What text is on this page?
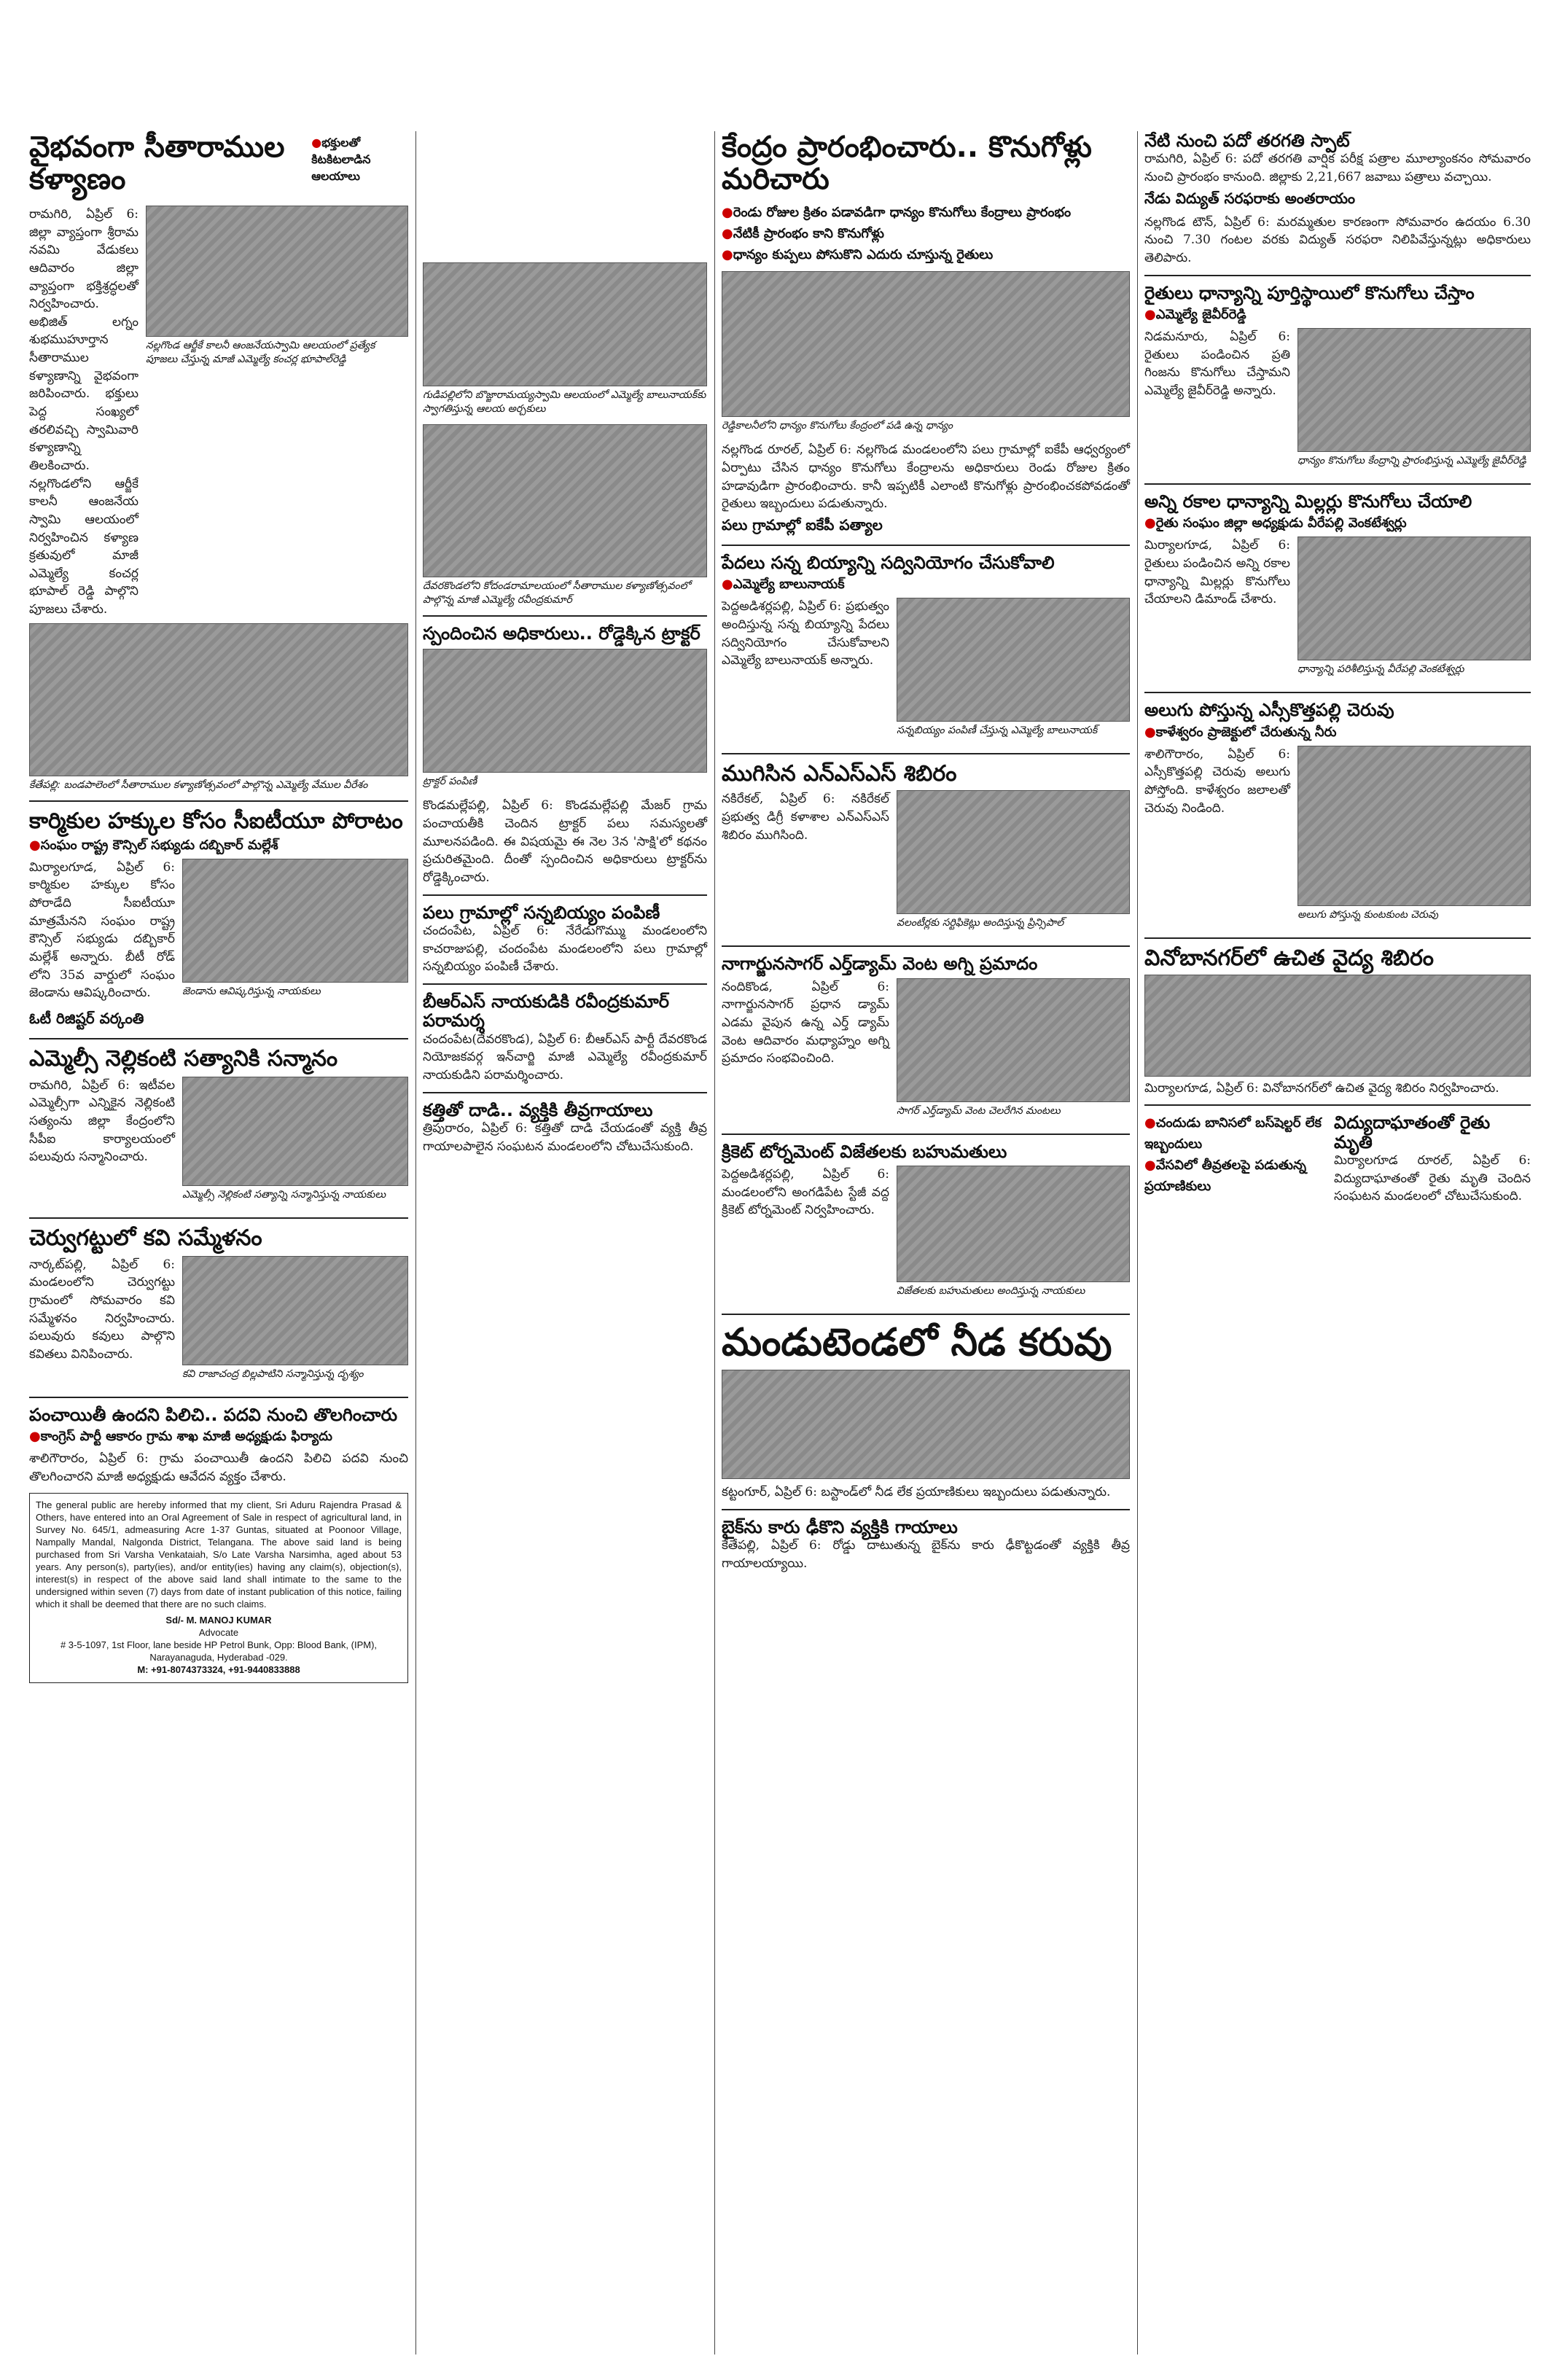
వైభవంగా సీతారాముల కళ్యాణం
● భక్తులతో కిటకిటలాడిన ఆలయాలు
రామగిరి, ఏప్రిల్ 6: జిల్లా వ్యాప్తంగా శ్రీరామ నవమి వేడుకలు ఆదివారం జిల్లా వ్యాప్తంగా భక్తిశ్రద్ధలతో నిర్వహించారు. అభిజిత్ లగ్నం శుభముహూర్తాన సీతారాముల కళ్యాణాన్ని వైభవంగా జరిపించారు. భక్తులు పెద్ద సంఖ్యలో తరలివచ్చి స్వామివారి కళ్యాణాన్ని తిలకించారు. నల్లగొండలోని ఆర్జీకే కాలనీ ఆంజనేయ స్వామి ఆలయంలో నిర్వహించిన కళ్యాణ క్రతువులో మాజీ ఎమ్మెల్యే కంచర్ల భూపాల్ రెడ్డి పాల్గొని పూజలు చేశారు.
నల్లగొండ ఆర్జీకే కాలనీ ఆంజనేయస్వామి ఆలయంలో ప్రత్యేక పూజలు చేస్తున్న మాజీ ఎమ్మెల్యే కంచర్ల భూపాల్‌రెడ్డి
కేతేపల్లి: బండపాలెంలో సీతారాముల కళ్యాణోత్సవంలో పాల్గొన్న ఎమ్మెల్యే వేముల వీరేశం
కార్మికుల హక్కుల కోసం సీఐటీయూ పోరాటం
● సంఘం రాష్ట్ర కౌన్సిల్ సభ్యుడు దబ్బికార్ మల్లేశ్
మిర్యాలగూడ, ఏప్రిల్ 6: కార్మికుల హక్కుల కోసం పోరాడేది సీఐటీయూ మాత్రమేనని సంఘం రాష్ట్ర కౌన్సిల్ సభ్యుడు దబ్బికార్ మల్లేశ్ అన్నారు. బీటీ రోడ్ లోని 35వ వార్డులో సంఘం జెండాను ఆవిష్కరించారు.	జెండాను ఆవిష్కరిస్తున్న నాయకులు
ఓటీ రిజిష్టర్ వర్కంతి
ఎమ్మెల్సీ నెల్లికంటి సత్యానికి సన్మానం
రామగిరి, ఏప్రిల్ 6: ఇటీవల ఎమ్మెల్సీగా ఎన్నికైన నెల్లికంటి సత్యంను జిల్లా కేంద్రంలోని సీపీఐ కార్యాలయంలో పలువురు సన్మానించారు.
ఎమ్మెల్సీ నెల్లికంటి సత్యాన్ని సన్మానిస్తున్న నాయకులు
చెర్వుగట్టులో కవి సమ్మేళనం
నార్కట్‌పల్లి, ఏప్రిల్ 6: మండలంలోని చెర్వుగట్టు గ్రామంలో సోమవారం కవి సమ్మేళనం నిర్వహించారు. పలువురు కవులు పాల్గొని కవితలు వినిపించారు.
కవి రాజాచంద్ర బిల్లపాటిని సన్మానిస్తున్న దృశ్యం
పంచాయితీ ఉందని పిలిచి.. పదవి నుంచి తొలగించారు
● కాంగ్రెస్ పార్టీ ఆకారం గ్రామ శాఖ మాజీ అధ్యక్షుడు ఫిర్యాదు
శాలిగౌరారం, ఏప్రిల్ 6: గ్రామ పంచాయితీ ఉందని పిలిచి పదవి నుంచి తొలగించారని మాజీ అధ్యక్షుడు ఆవేదన వ్యక్తం చేశారు.
The general public are hereby informed that my client, Sri Aduru Rajendra Prasad & Others, have entered into an Oral Agreement of Sale in respect of agricultural land, in Survey No. 645/1, admeasuring Acre 1-37 Guntas, situated at Poonoor Village, Nampally Mandal, Nalgonda District, Telangana. The above said land is being purchased from Sri Varsha Venkataiah, S/o Late Varsha Narsimha, aged about 53 years. Any person(s), party(ies), and/or entity(ies) having any claim(s), objection(s), interest(s) in respect of the above said land shall intimate to the same to the undersigned within seven (7) days from date of instant publication of this notice, failing which it shall be deemed that there are no such claims.
Sd/- M. MANOJ KUMAR
Advocate
# 3-5-1097, 1st Floor, lane beside HP Petrol Bunk, Opp: Blood Bank, (IPM), Narayanaguda, Hyderabad -029.
M: +91-8074373324, +91-9440833888
గుడిపల్లిలోని బొజ్జారామయ్యస్వామి ఆలయంలో ఎమ్మెల్యే బాలునాయక్‌కు స్వాగతిస్తున్న ఆలయ అర్చకులు
దేవరకొండలోని కోదండరామాలయంలో సీతారాముల కళ్యాణోత్సవంలో పాల్గొన్న మాజీ ఎమ్మెల్యే రవీంద్రకుమార్
స్పందించిన అధికారులు.. రోడ్డెక్కిన ట్రాక్టర్
ట్రాక్టర్ పంపిణీ
కొండమల్లేపల్లి, ఏప్రిల్ 6: కొండమల్లేపల్లి మేజర్ గ్రామ పంచాయతీకి చెందిన ట్రాక్టర్ పలు సమస్యలతో మూలనపడింది. ఈ విషయమై ఈ నెల 3న 'సాక్షి'లో కథనం ప్రచురితమైంది. దీంతో స్పందించిన అధికారులు ట్రాక్టర్‌ను రోడ్డెక్కించారు.
పలు గ్రామాల్లో సన్నబియ్యం పంపిణీ
చందంపేట, ఏప్రిల్ 6: నేరేడుగొమ్ము మండలంలోని కాచరాజుపల్లి, చందంపేట మండలంలోని పలు గ్రామాల్లో సన్నబియ్యం పంపిణీ చేశారు.
బీఆర్ఎస్ నాయకుడికి రవీంద్రకుమార్ పరామర్శ
చందంపేట(దేవరకొండ), ఏప్రిల్ 6: బీఆర్ఎస్ పార్టీ దేవరకొండ నియోజకవర్గ ఇన్‌చార్జి మాజీ ఎమ్మెల్యే రవీంద్రకుమార్ నాయకుడిని పరామర్శించారు.
కత్తితో దాడి.. వ్యక్తికి తీవ్రగాయాలు
త్రిపురారం, ఏప్రిల్ 6: కత్తితో దాడి చేయడంతో వ్యక్తి తీవ్ర గాయాలపాలైన సంఘటన మండలంలోని చోటుచేసుకుంది.
కేంద్రం ప్రారంభించారు.. కొనుగోళ్లు మరిచారు
● రెండు రోజుల క్రితం పడావడిగా ధాన్యం కొనుగోలు కేంద్రాలు ప్రారంభం
● నేటికీ ప్రారంభం కాని కొనుగోళ్లు
● ధాన్యం కుప్పలు పోసుకొని ఎదురు చూస్తున్న రైతులు
రెడ్డికాలనీలోని ధాన్యం కొనుగోలు కేంద్రంలో పడి ఉన్న ధాన్యం
నల్లగొండ రూరల్, ఏప్రిల్ 6: నల్లగొండ మండలంలోని పలు గ్రామాల్లో ఐకేపీ ఆధ్వర్యంలో ఏర్పాటు చేసిన ధాన్యం కొనుగోలు కేంద్రాలను అధికారులు రెండు రోజుల క్రితం హడావుడిగా ప్రారంభించారు. కానీ ఇప్పటికీ ఎలాంటి కొనుగోళ్లు ప్రారంభించకపోవడంతో రైతులు ఇబ్బందులు పడుతున్నారు.
పలు గ్రామాల్లో ఐకేపీ పత్యాల
పేదలు సన్న బియ్యాన్ని సద్వినియోగం చేసుకోవాలి
● ఎమ్మెల్యే బాలునాయక్
పెద్దఅడిశర్లపల్లి, ఏప్రిల్ 6: ప్రభుత్వం అందిస్తున్న సన్న బియ్యాన్ని పేదలు సద్వినియోగం చేసుకోవాలని ఎమ్మెల్యే బాలునాయక్ అన్నారు.
సన్నబియ్యం పంపిణీ చేస్తున్న ఎమ్మెల్యే బాలునాయక్
ముగిసిన ఎన్ఎస్ఎస్ శిబిరం
నకిరేకల్, ఏప్రిల్ 6: నకిరేకల్ ప్రభుత్వ డిగ్రీ కళాశాల ఎన్ఎస్ఎస్ శిబిరం ముగిసింది.
వలంటీర్లకు సర్టిఫికెట్లు అందిస్తున్న ప్రిన్సిపాల్
నాగార్జునసాగర్ ఎర్త్‌డ్యామ్ వెంట అగ్ని ప్రమాదం
నందికొండ, ఏప్రిల్ 6: నాగార్జునసాగర్ ప్రధాన డ్యామ్ ఎడమ వైపున ఉన్న ఎర్త్ డ్యామ్ వెంట ఆదివారం మధ్యాహ్నం అగ్ని ప్రమాదం సంభవించింది.
సాగర్ ఎర్త్‌డ్యామ్ వెంట చెలరేగిన మంటలు
క్రికెట్ టోర్నమెంట్ విజేతలకు బహుమతులు
పెద్దఅడిశర్లపల్లి, ఏప్రిల్ 6: మండలంలోని అంగడిపేట స్టేజీ వద్ద క్రికెట్ టోర్నమెంట్ నిర్వహించారు.
విజేతలకు బహుమతులు అందిస్తున్న నాయకులు
మండుటెండలో నీడ కరువు
కట్టంగూర్, ఏప్రిల్ 6: బస్టాండ్‌లో నీడ లేక ప్రయాణికులు ఇబ్బందులు పడుతున్నారు.
బైక్‌ను కారు ఢీకొని వ్యక్తికి గాయాలు
కేతేపల్లి, ఏప్రిల్ 6: రోడ్డు దాటుతున్న బైక్‌ను కారు ఢీకొట్టడంతో వ్యక్తికి తీవ్ర గాయాలయ్యాయి.
నేటి నుంచి పదో తరగతి స్పాట్
రామగిరి, ఏప్రిల్ 6: పదో తరగతి వార్షిక పరీక్ష పత్రాల మూల్యాంకనం సోమవారం నుంచి ప్రారంభం కానుంది. జిల్లాకు 2,21,667 జవాబు పత్రాలు వచ్చాయి.
నేడు విద్యుత్ సరఫరాకు అంతరాయం
నల్లగొండ టౌన్, ఏప్రిల్ 6: మరమ్మతుల కారణంగా సోమవారం ఉదయం 6.30 నుంచి 7.30 గంటల వరకు విద్యుత్ సరఫరా నిలిపివేస్తున్నట్లు అధికారులు తెలిపారు.
రైతులు ధాన్యాన్ని పూర్తిస్థాయిలో కొనుగోలు చేస్తాం
● ఎమ్మెల్యే జైవీర్‌రెడ్డి
నిడమనూరు, ఏప్రిల్ 6: రైతులు పండించిన ప్రతి గింజను కొనుగోలు చేస్తామని ఎమ్మెల్యే జైవీర్‌రెడ్డి అన్నారు.
ధాన్యం కొనుగోలు కేంద్రాన్ని ప్రారంభిస్తున్న ఎమ్మెల్యే జైవీర్‌రెడ్డి
అన్ని రకాల ధాన్యాన్ని మిల్లర్లు కొనుగోలు చేయాలి
● రైతు సంఘం జిల్లా అధ్యక్షుడు వీరేపల్లి వెంకటేశ్వర్లు
మిర్యాలగూడ, ఏప్రిల్ 6: రైతులు పండించిన అన్ని రకాల ధాన్యాన్ని మిల్లర్లు కొనుగోలు చేయాలని డిమాండ్ చేశారు.
ధాన్యాన్ని పరిశీలిస్తున్న వీరేపల్లి వెంకటేశ్వర్లు
అలుగు పోస్తున్న ఎస్సీకొత్తపల్లి చెరువు
● కాళేశ్వరం ప్రాజెక్టులో చేరుతున్న నీరు
శాలిగౌరారం, ఏప్రిల్ 6: ఎస్సీకొత్తపల్లి చెరువు అలుగు పోస్తోంది. కాళేశ్వరం జలాలతో చెరువు నిండింది.
అలుగు పోస్తున్న కుంటకుంట చెరువు
వినోబానగర్‌లో ఉచిత వైద్య శిబిరం
మిర్యాలగూడ, ఏప్రిల్ 6: వినోబానగర్‌లో ఉచిత వైద్య శిబిరం నిర్వహించారు.
● చందుడు బానిసలో బస్‌షెల్టర్ లేక ఇబ్బందులు
● వేసవిలో తీవ్రతలపై పడుతున్న ప్రయాణికులు
విద్యుదాఘాతంతో రైతు మృతి
మిర్యాలగూడ రూరల్, ఏప్రిల్ 6: విద్యుదాఘాతంతో రైతు మృతి చెందిన సంఘటన మండలంలో చోటుచేసుకుంది.
